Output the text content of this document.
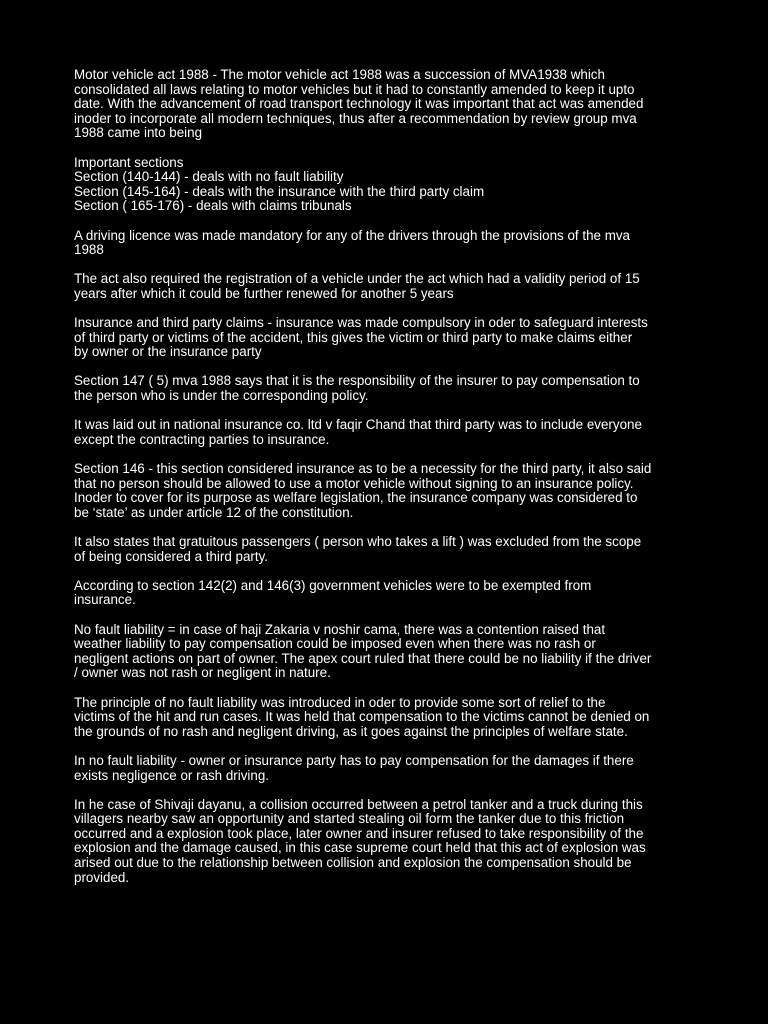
Motor vehicle act 1988 - The motor vehicle act 1988 was a succession of MVA1938 which
consolidated all laws relating to motor vehicles but it had to constantly amended to keep it upto
date. With the advancement of road transport technology it was important that act was amended
inoder to incorporate all modern techniques, thus after a recommendation by review group mva
1988 came into being
Important sections
Section (140-144) - deals with no fault liability
Section (145-164) - deals with the insurance with the third party claim
Section ( 165-176) - deals with claims tribunals
A driving licence was made mandatory for any of the drivers through the provisions of the mva
1988
The act also required the registration of a vehicle under the act which had a validity period of 15
years after which it could be further renewed for another 5 years
Insurance and third party claims - insurance was made compulsory in oder to safeguard interests
of third party or victims of the accident, this gives the victim or third party to make claims either
by owner or the insurance party
Section 147 ( 5) mva 1988 says that it is the responsibility of the insurer to pay compensation to
the person who is under the corresponding policy.
It was laid out in national insurance co. ltd v faqir Chand that third party was to include everyone
except the contracting parties to insurance.
Section 146 - this section considered insurance as to be a necessity for the third party, it also said
that no person should be allowed to use a motor vehicle without signing to an insurance policy.
Inoder to cover for its purpose as welfare legislation, the insurance company was considered to
be ‘state’ as under article 12 of the constitution.
It also states that gratuitous passengers ( person who takes a lift ) was excluded from the scope
of being considered a third party.
According to section 142(2) and 146(3) government vehicles were to be exempted from
insurance.
No fault liability = in case of haji Zakaria v noshir cama, there was a contention raised that
weather liability to pay compensation could be imposed even when there was no rash or
negligent actions on part of owner. The apex court ruled that there could be no liability if the driver
/ owner was not rash or negligent in nature.
The principle of no fault liability was introduced in oder to provide some sort of relief to the
victims of the hit and run cases. It was held that compensation to the victims cannot be denied on
the grounds of no rash and negligent driving, as it goes against the principles of welfare state.
In no fault liability - owner or insurance party has to pay compensation for the damages if there
exists negligence or rash driving.
In he case of Shivaji dayanu, a collision occurred between a petrol tanker and a truck during this
villagers nearby saw an opportunity and started stealing oil form the tanker due to this friction
occurred and a explosion took place, later owner and insurer refused to take responsibility of the
explosion and the damage caused, in this case supreme court held that this act of explosion was
arised out due to the relationship between collision and explosion the compensation should be
provided.
